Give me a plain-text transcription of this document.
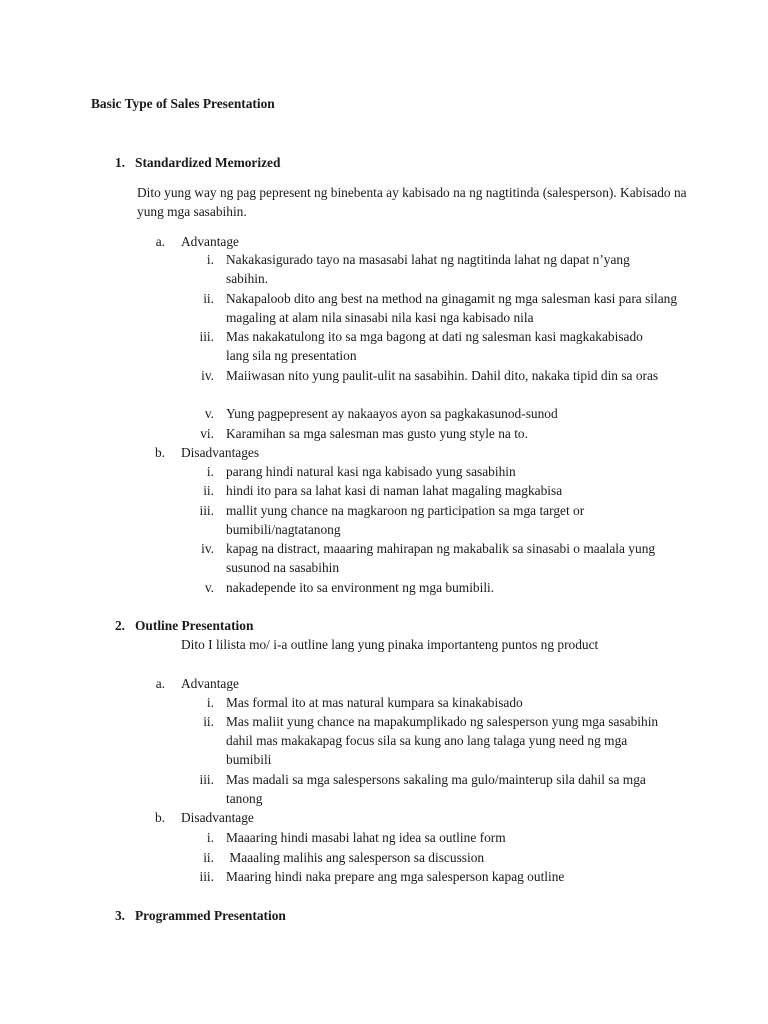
Basic Type of Sales Presentation
1. Standardized Memorized
Dito yung way ng pag pepresent ng binebenta ay kabisado na ng nagtitinda (salesperson). Kabisado na yung mga sasabihin.
a. Advantage
i. Nakakasigurado tayo na masasabi lahat ng nagtitinda lahat ng dapat n’yang sabihin.
ii. Nakapaloob dito ang best na method na ginagamit ng mga salesman kasi para silang magaling at alam nila sinasabi nila kasi nga kabisado nila
iii. Mas nakakatulong ito sa mga bagong at dati ng salesman kasi magkakabisado lang sila ng presentation
iv. Maiiwasan nito yung paulit-ulit na sasabihin. Dahil dito, nakaka tipid din sa oras
v. Yung pagpepresent ay nakaayos ayon sa pagkakasunod-sunod
vi. Karamihan sa mga salesman mas gusto yung style na to.
b. Disadvantages
i. parang hindi natural kasi nga kabisado yung sasabihin
ii. hindi ito para sa lahat kasi di naman lahat magaling magkabisa
iii. mallit yung chance na magkaroon ng participation sa mga target or bumibili/nagtatanong
iv. kapag na distract, maaaring mahirapan ng makabalik sa sinasabi o maalala yung susunod na sasabihin
v. nakadepende ito sa environment ng mga bumibili.
2. Outline Presentation
Dito I lilista mo/ i-a outline lang yung pinaka importanteng puntos ng product
a. Advantage
i. Mas formal ito at mas natural kumpara sa kinakabisado
ii. Mas maliit yung chance na mapakumplikado ng salesperson yung mga sasabihin dahil mas makakapag focus sila sa kung ano lang talaga yung need ng mga bumibili
iii. Mas madali sa mga salespersons sakaling ma gulo/mainterup sila dahil sa mga tanong
b. Disadvantage
i. Maaaring hindi masabi lahat ng idea sa outline form
ii. Maaaling malihis ang salesperson sa discussion
iii. Maaring hindi naka prepare ang mga salesperson kapag outline
3. Programmed Presentation
